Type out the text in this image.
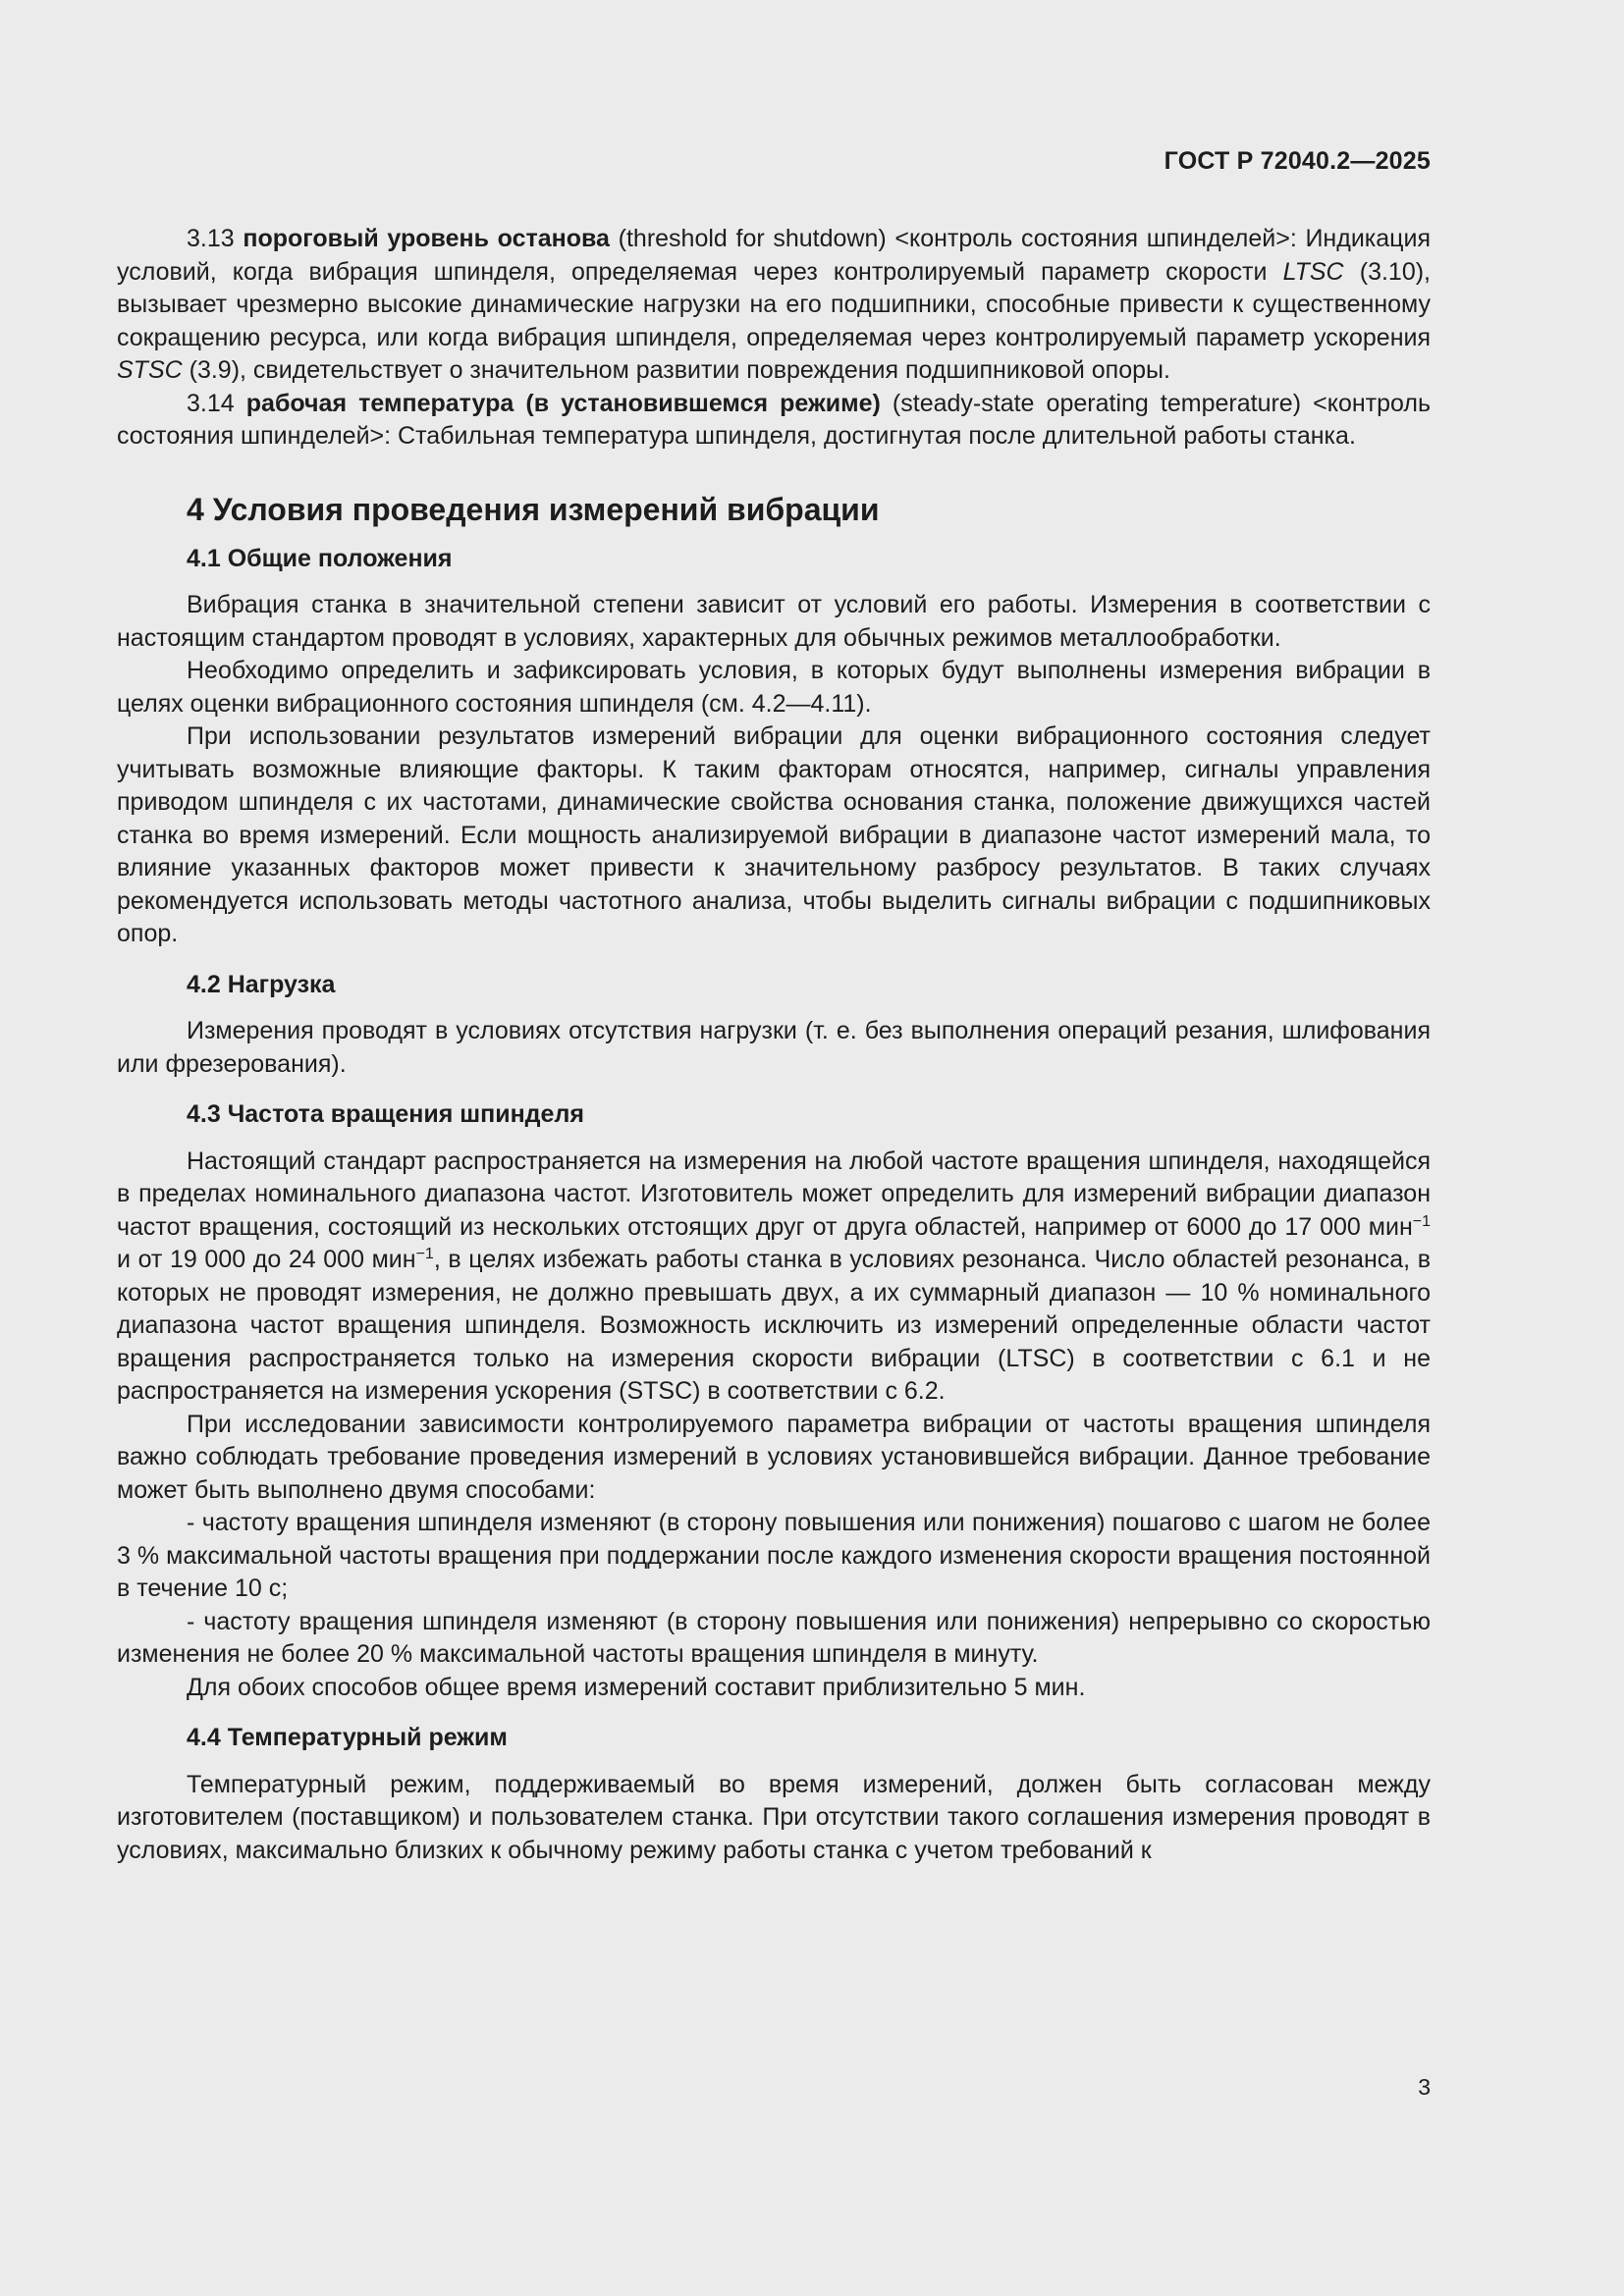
ГОСТ Р 72040.2—2025

3.13 пороговый уровень останова (threshold for shutdown) <контроль состояния шпинделей>: Индикация условий, когда вибрация шпинделя, определяемая через контролируемый параметр скорости LTSC (3.10), вызывает чрезмерно высокие динамические нагрузки на его подшипники, способные привести к существенному сокращению ресурса, или когда вибрация шпинделя, определяемая через контролируемый параметр ускорения STSC (3.9), свидетельствует о значительном развитии повреждения подшипниковой опоры.

3.14 рабочая температура (в установившемся режиме) (steady-state operating temperature) <контроль состояния шпинделей>: Стабильная температура шпинделя, достигнутая после длительной работы станка.

4 Условия проведения измерений вибрации
4.1 Общие положения

Вибрация станка в значительной степени зависит от условий его работы. Измерения в соответствии с настоящим стандартом проводят в условиях, характерных для обычных режимов металлообработки.

Необходимо определить и зафиксировать условия, в которых будут выполнены измерения вибрации в целях оценки вибрационного состояния шпинделя (см. 4.2—4.11).

При использовании результатов измерений вибрации для оценки вибрационного состояния следует учитывать возможные влияющие факторы. К таким факторам относятся, например, сигналы управления приводом шпинделя с их частотами, динамические свойства основания станка, положение движущихся частей станка во время измерений. Если мощность анализируемой вибрации в диапазоне частот измерений мала, то влияние указанных факторов может привести к значительному разбросу результатов. В таких случаях рекомендуется использовать методы частотного анализа, чтобы выделить сигналы вибрации с подшипниковых опор.

4.2 Нагрузка

Измерения проводят в условиях отсутствия нагрузки (т. е. без выполнения операций резания, шлифования или фрезерования).

4.3 Частота вращения шпинделя

Настоящий стандарт распространяется на измерения на любой частоте вращения шпинделя, находящейся в пределах номинального диапазона частот. Изготовитель может определить для измерений вибрации диапазон частот вращения, состоящий из нескольких отстоящих друг от друга областей, например от 6000 до 17 000 мин$^{-1}$ и от 19 000 до 24 000 мин$^{-1}$, в целях избежать работы станка в условиях резонанса. Число областей резонанса, в которых не проводят измерения, не должно превышать двух, а их суммарный диапазон — 10 % номинального диапазона частот вращения шпинделя. Возможность исключить из измерений определенные области частот вращения распространяется только на измерения скорости вибрации (LTSC) в соответствии с 6.1 и не распространяется на измерения ускорения (STSC) в соответствии с 6.2.

При исследовании зависимости контролируемого параметра вибрации от частоты вращения шпинделя важно соблюдать требование проведения измерений в условиях установившейся вибрации. Данное требование может быть выполнено двумя способами:

- частоту вращения шпинделя изменяют (в сторону повышения или понижения) пошагово с шагом не более 3 % максимальной частоты вращения при поддержании после каждого изменения скорости вращения постоянной в течение 10 с;

- частоту вращения шпинделя изменяют (в сторону повышения или понижения) непрерывно со скоростью изменения не более 20 % максимальной частоты вращения шпинделя в минуту.

Для обоих способов общее время измерений составит приблизительно 5 мин.

4.4 Температурный режим

Температурный режим, поддерживаемый во время измерений, должен быть согласован между изготовителем (поставщиком) и пользователем станка. При отсутствии такого соглашения измерения проводят в условиях, максимально близких к обычному режиму работы станка с учетом требований к

3
